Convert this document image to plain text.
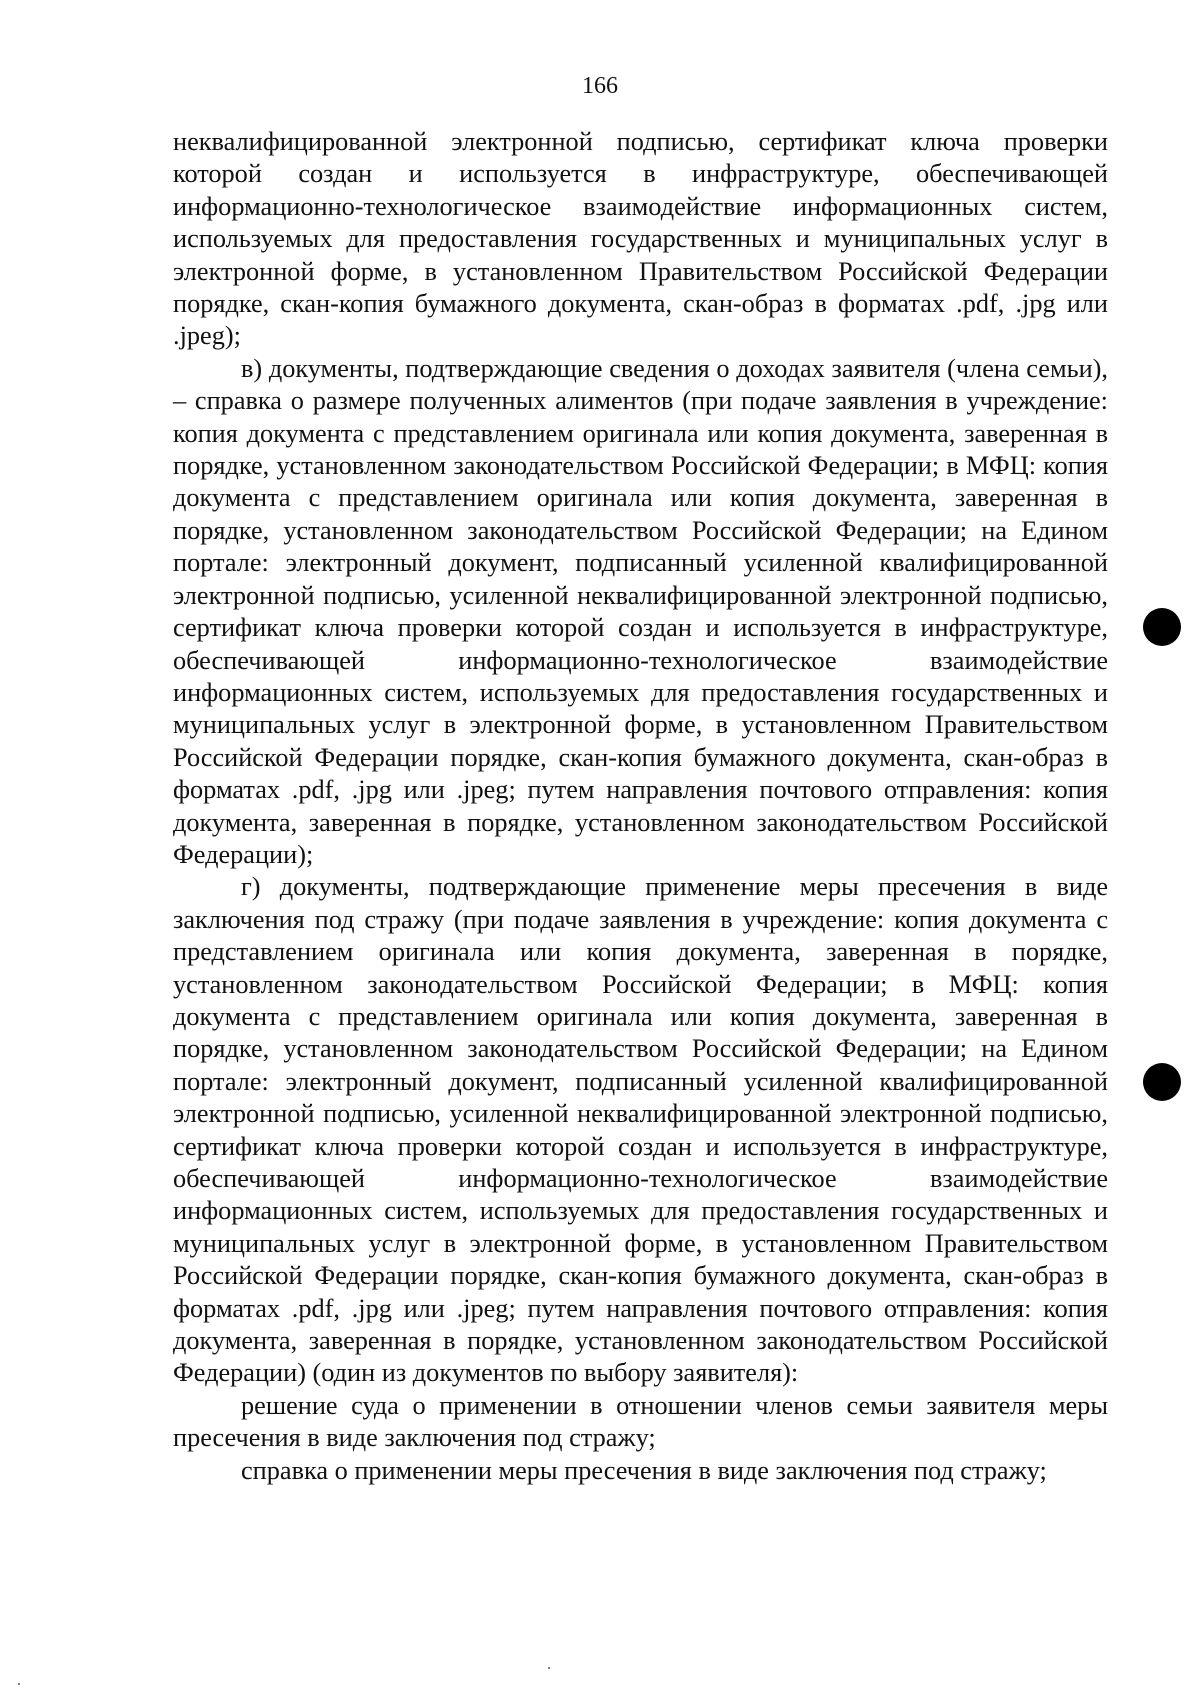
166

неквалифицированной электронной подписью, сертификат ключа проверки которой создан и используется в инфраструктуре, обеспечивающей информационно-технологическое взаимодействие информационных систем, используемых для предоставления государственных и муниципальных услуг в электронной форме, в установленном Правительством Российской Федерации порядке, скан-копия бумажного документа, скан-образ в форматах .pdf, .jpg или .jpeg);

в) документы, подтверждающие сведения о доходах заявителя (члена семьи), – справка о размере полученных алиментов (при подаче заявления в учреждение: копия документа с представлением оригинала или копия документа, заверенная в порядке, установленном законодательством Российской Федерации; в МФЦ: копия документа с представлением оригинала или копия документа, заверенная в порядке, установленном законодательством Российской Федерации; на Едином портале: электронный документ, подписанный усиленной квалифицированной электронной подписью, усиленной неквалифицированной электронной подписью, сертификат ключа проверки которой создан и используется в инфраструктуре, обеспечивающей информационно-технологическое взаимодействие информационных систем, используемых для предоставления государственных и муниципальных услуг в электронной форме, в установленном Правительством Российской Федерации порядке, скан-копия бумажного документа, скан-образ в форматах .pdf, .jpg или .jpeg; путем направления почтового отправления: копия документа, заверенная в порядке, установленном законодательством Российской Федерации);

г) документы, подтверждающие применение меры пресечения в виде заключения под стражу (при подаче заявления в учреждение: копия документа с представлением оригинала или копия документа, заверенная в порядке, установленном законодательством Российской Федерации; в МФЦ: копия документа с представлением оригинала или копия документа, заверенная в порядке, установленном законодательством Российской Федерации; на Едином портале: электронный документ, подписанный усиленной квалифицированной электронной подписью, усиленной неквалифицированной электронной подписью, сертификат ключа проверки которой создан и используется в инфраструктуре, обеспечивающей информационно-технологическое взаимодействие информационных систем, используемых для предоставления государственных и муниципальных услуг в электронной форме, в установленном Правительством Российской Федерации порядке, скан-копия бумажного документа, скан-образ в форматах .pdf, .jpg или .jpeg; путем направления почтового отправления: копия документа, заверенная в порядке, установленном законодательством Российской Федерации) (один из документов по выбору заявителя):

решение суда о применении в отношении членов семьи заявителя меры пресечения в виде заключения под стражу;

справка о применении меры пресечения в виде заключения под стражу;
